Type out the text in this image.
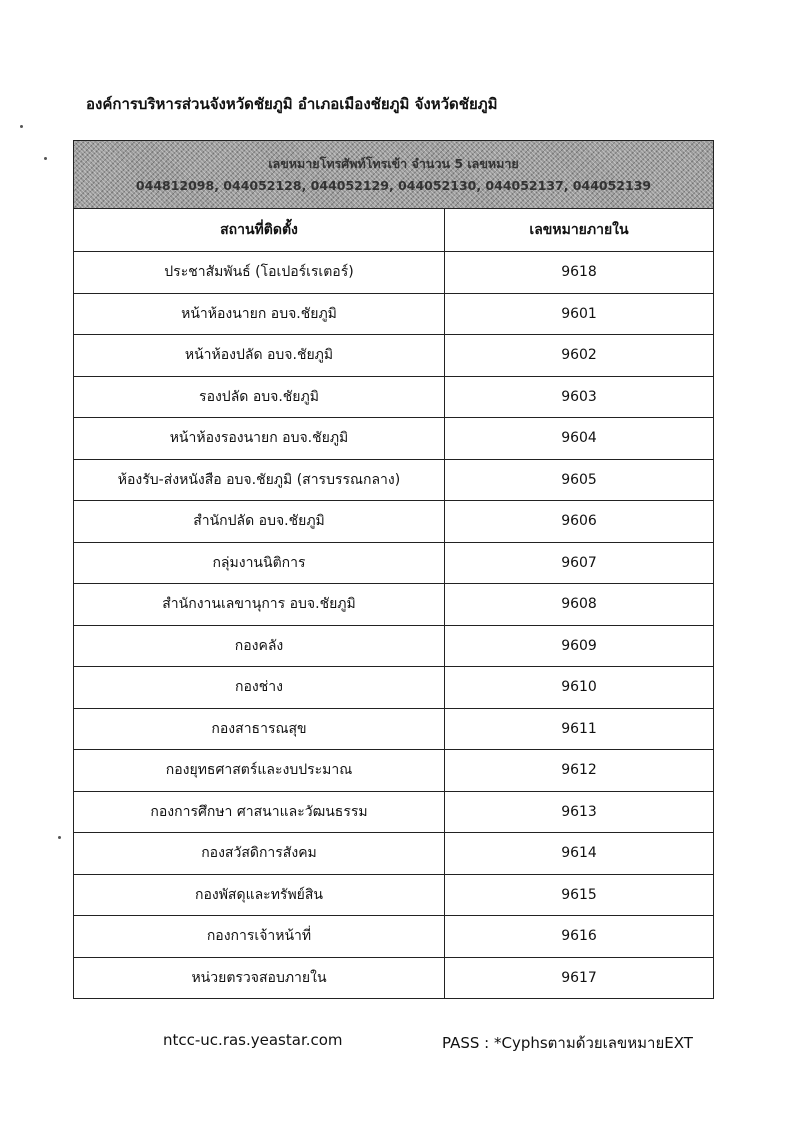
องค์การบริหารส่วนจังหวัดชัยภูมิ อำเภอเมืองชัยภูมิ จังหวัดชัยภูมิ
เลขหมายโทรศัพท์โทรเข้า จำนวน 5 เลขหมาย
044812098, 044052128, 044052129, 044052130, 044052137, 044052139	

สถานที่ติดตั้ง	เลขหมายภายใน
ประชาสัมพันธ์ (โอเปอร์เรเตอร์)	9618
หน้าห้องนายก อบจ.ชัยภูมิ	9601
หน้าห้องปลัด อบจ.ชัยภูมิ	9602
รองปลัด อบจ.ชัยภูมิ	9603
หน้าห้องรองนายก อบจ.ชัยภูมิ	9604
ห้องรับ-ส่งหนังสือ อบจ.ชัยภูมิ (สารบรรณกลาง)	9605
สำนักปลัด อบจ.ชัยภูมิ	9606
กลุ่มงานนิติการ	9607
สำนักงานเลขานุการ อบจ.ชัยภูมิ	9608
กองคลัง	9609
กองช่าง	9610
กองสาธารณสุข	9611
กองยุทธศาสตร์และงบประมาณ	9612
กองการศึกษา ศาสนาและวัฒนธรรม	9613
กองสวัสดิการสังคม	9614
กองพัสดุและทรัพย์สิน	9615
กองการเจ้าหน้าที่	9616
หน่วยตรวจสอบภายใน	9617
ntcc-uc.ras.yeastar.com	PASS : *Cyphsตามด้วยเลขหมายEXT
